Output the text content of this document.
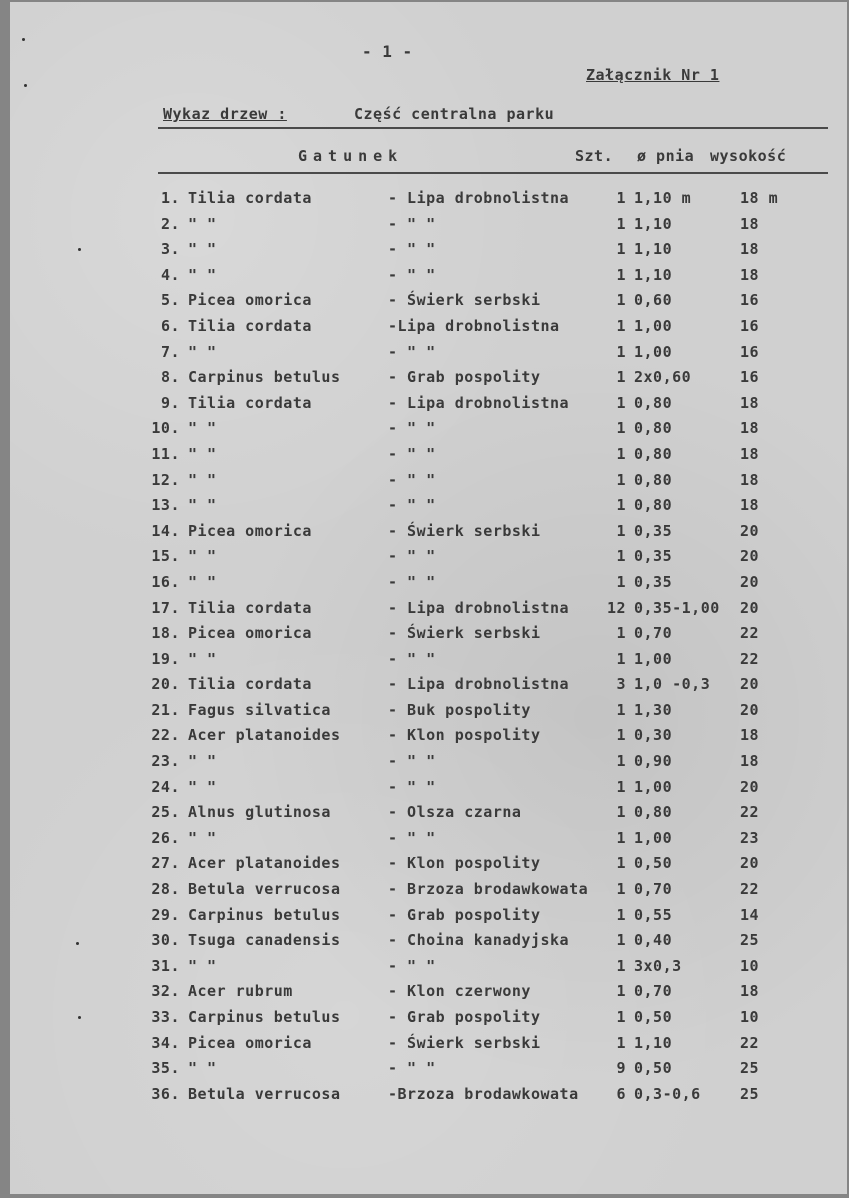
- 1 -
Załącznik Nr 1
Wykaz drzew :	Część centralna parku
Gatunek	Szt. ø pnia wysokość
1. Tilia cordata	- Lipa drobnolistna	1 1,10 m	18 m
2. " "	- " "	1 1,10	18
3. " "	- " "	1 1,10	18
4. " "	- " "	1 1,10	18
5. Picea omorica	- Świerk serbski	1 0,60	16
6. Tilia cordata	-Lipa drobnolistna	1 1,00	16
7. " "	- " "	1 1,00	16
8. Carpinus betulus	- Grab pospolity	1 2x0,60	16
9. Tilia cordata	- Lipa drobnolistna	1 0,80	18
10. " "	- " "	1 0,80	18
11. " "	- " "	1 0,80	18
12. " "	- " "	1 0,80	18
13. " "	- " "	1 0,80	18
14. Picea omorica	- Świerk serbski	1 0,35	20
15. " "	- " "	1 0,35	20
16. " "	- " "	1 0,35	20
17. Tilia cordata	- Lipa drobnolistna	12 0,35-1,00 20
18. Picea omorica	- Świerk serbski	1 0,70	22
19. " "	- " "	1 1,00	22
20. Tilia cordata	- Lipa drobnolistna	3 1,0 -0,3 20
21. Fagus silvatica	- Buk pospolity	1 1,30	20
22. Acer platanoides	- Klon pospolity	1 0,30	18
23. " "	- " "	1 0,90	18
24. " "	- " "	1 1,00	20
25. Alnus glutinosa	- Olsza czarna	1 0,80	22
26. " "	- " "	1 1,00	23
27. Acer platanoides	- Klon pospolity	1 0,50	20
28. Betula verrucosa	- Brzoza brodawkowata	1 0,70	22
29. Carpinus betulus	- Grab pospolity	1 0,55	14
30. Tsuga canadensis	- Choina kanadyjska	1 0,40	25
31. " "	- " "	1 3x0,3	10
32. Acer rubrum	- Klon czerwony	1 0,70	18
33. Carpinus betulus	- Grab pospolity	1 0,50	10
34. Picea omorica	- Świerk serbski	1 1,10	22
35. " "	- " "	9 0,50	25
36. Betula verrucosa	-Brzoza brodawkowata	6 0,3-0,6	25
